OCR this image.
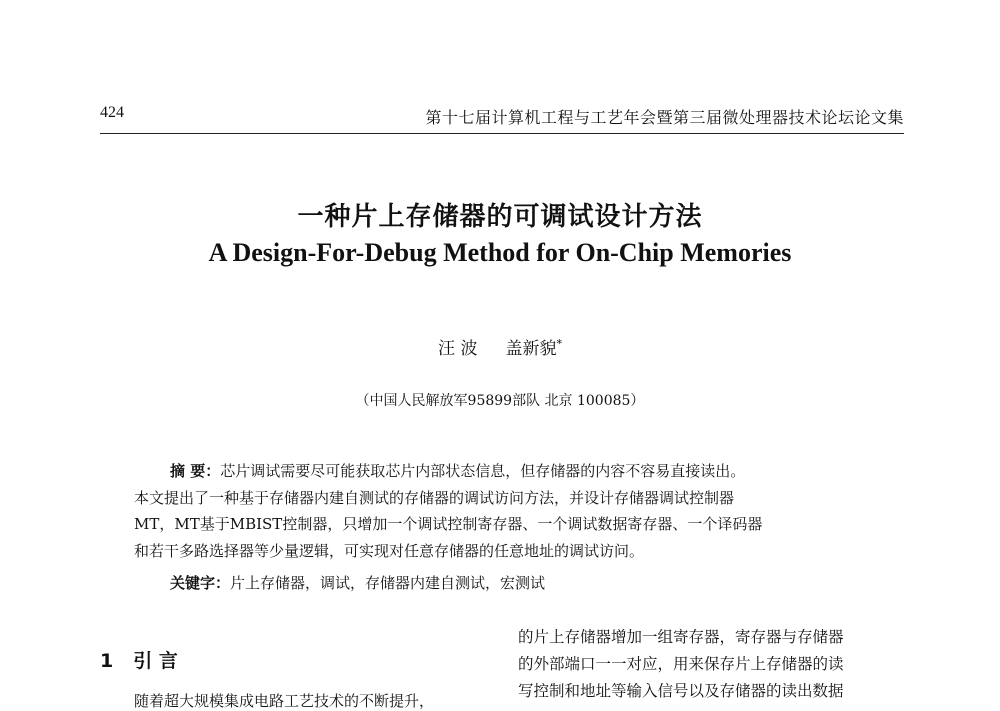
424	第十七届计算机工程与工艺年会暨第三届微处理器技术论坛论文集
一种片上存储器的可调试设计方法
A Design-For-Debug Method for On-Chip Memories
汪 波 盖新貌*
（中国人民解放军95899部队 北京 100085）
摘 要：芯片调试需要尽可能获取芯片内部状态信息，但存储器的内容不容易直接读出。
本文提出了一种基于存储器内建自测试的存储器的调试访问方法，并设计存储器调试控制器
MT，MT基于MBIST控制器，只增加一个调试控制寄存器、一个调试数据寄存器、一个译码器
和若干多路选择器等少量逻辑，可实现对任意存储器的任意地址的调试访问。
关键字：片上存储器，调试，存储器内建自测试，宏测试
1 引 言
随着超大规模集成电路工艺技术的不断提升，
的片上存储器增加一组寄存器，寄存器与存储器
的外部端口一一对应，用来保存片上存储器的读
写控制和地址等输入信号以及存储器的读出数据
